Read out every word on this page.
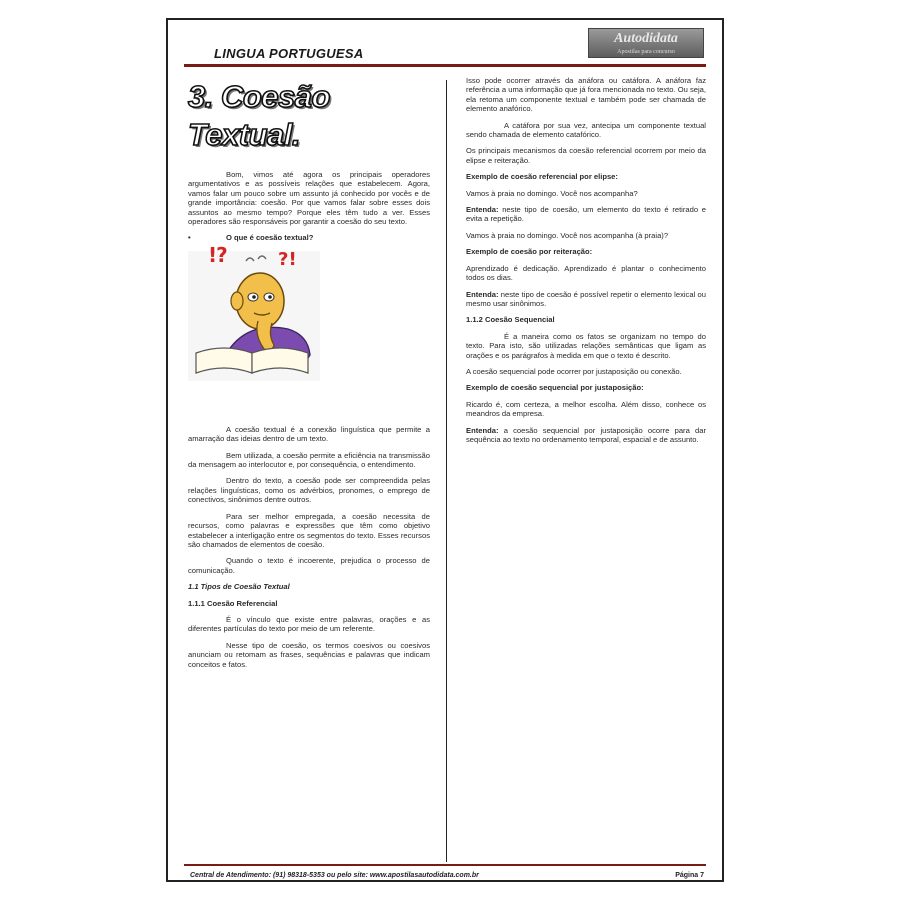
LINGUA PORTUGUESA
Autodidata
Apostilas para concurso
3. Coesão Textual.

Bom, vimos até agora os principais operadores argumentativos e as possíveis relações que estabelecem. Agora, vamos falar um pouco sobre um assunto já conhecido por vocês e de grande importância: coesão. Por que vamos falar sobre esses dois assuntos ao mesmo tempo? Porque eles têm tudo a ver. Esses operadores são responsáveis por garantir a coesão do seu texto.

•	O que é coesão textual?
!?	?!

A coesão textual é a conexão linguística que permite a amarração das ideias dentro de um texto.

Bem utilizada, a coesão permite a eficiência na transmissão da mensagem ao interlocutor e, por consequência, o entendimento.

Dentro do texto, a coesão pode ser compreendida pelas relações linguísticas, como os advérbios, pronomes, o emprego de conectivos, sinônimos dentre outros.

Para ser melhor empregada, a coesão necessita de recursos, como palavras e expressões que têm como objetivo estabelecer a interligação entre os segmentos do texto. Esses recursos são chamados de elementos de coesão.

Quando o texto é incoerente, prejudica o processo de comunicação.

1.1 Tipos de Coesão Textual
1.1.1 Coesão Referencial

É o vínculo que existe entre palavras, orações e as diferentes partículas do texto por meio de um referente.

Nesse tipo de coesão, os termos coesivos ou coesivos anunciam ou retomam as frases, sequências e palavras que indicam conceitos e fatos.

Isso pode ocorrer através da anáfora ou catáfora. A anáfora faz referência a uma informação que já fora mencionada no texto. Ou seja, ela retoma um componente textual e também pode ser chamada de elemento anafórico.

A catáfora por sua vez, antecipa um componente textual sendo chamada de elemento catafórico.

Os principais mecanismos da coesão referencial ocorrem por meio da elipse e reiteração.

Exemplo de coesão referencial por elipse:

Vamos à praia no domingo. Você nos acompanha?

Entenda: neste tipo de coesão, um elemento do texto é retirado e evita a repetição.

Vamos à praia no domingo. Você nos acompanha (à praia)?

Exemplo de coesão por reiteração:

Aprendizado é dedicação. Aprendizado é plantar o conhecimento todos os dias.

Entenda: neste tipo de coesão é possível repetir o elemento lexical ou mesmo usar sinônimos.

1.1.2 Coesão Sequencial

É a maneira como os fatos se organizam no tempo do texto. Para isto, são utilizadas relações semânticas que ligam as orações e os parágrafos à medida em que o texto é descrito.

A coesão sequencial pode ocorrer por justaposição ou conexão.

Exemplo de coesão sequencial por justaposição:

Ricardo é, com certeza, a melhor escolha. Além disso, conhece os meandros da empresa.

Entenda: a coesão sequencial por justaposição ocorre para dar sequência ao texto no ordenamento temporal, espacial e de assunto.

Central de Atendimento: (91) 98318-5353 ou pelo site: www.apostilasautodidata.com.br	Página 7
